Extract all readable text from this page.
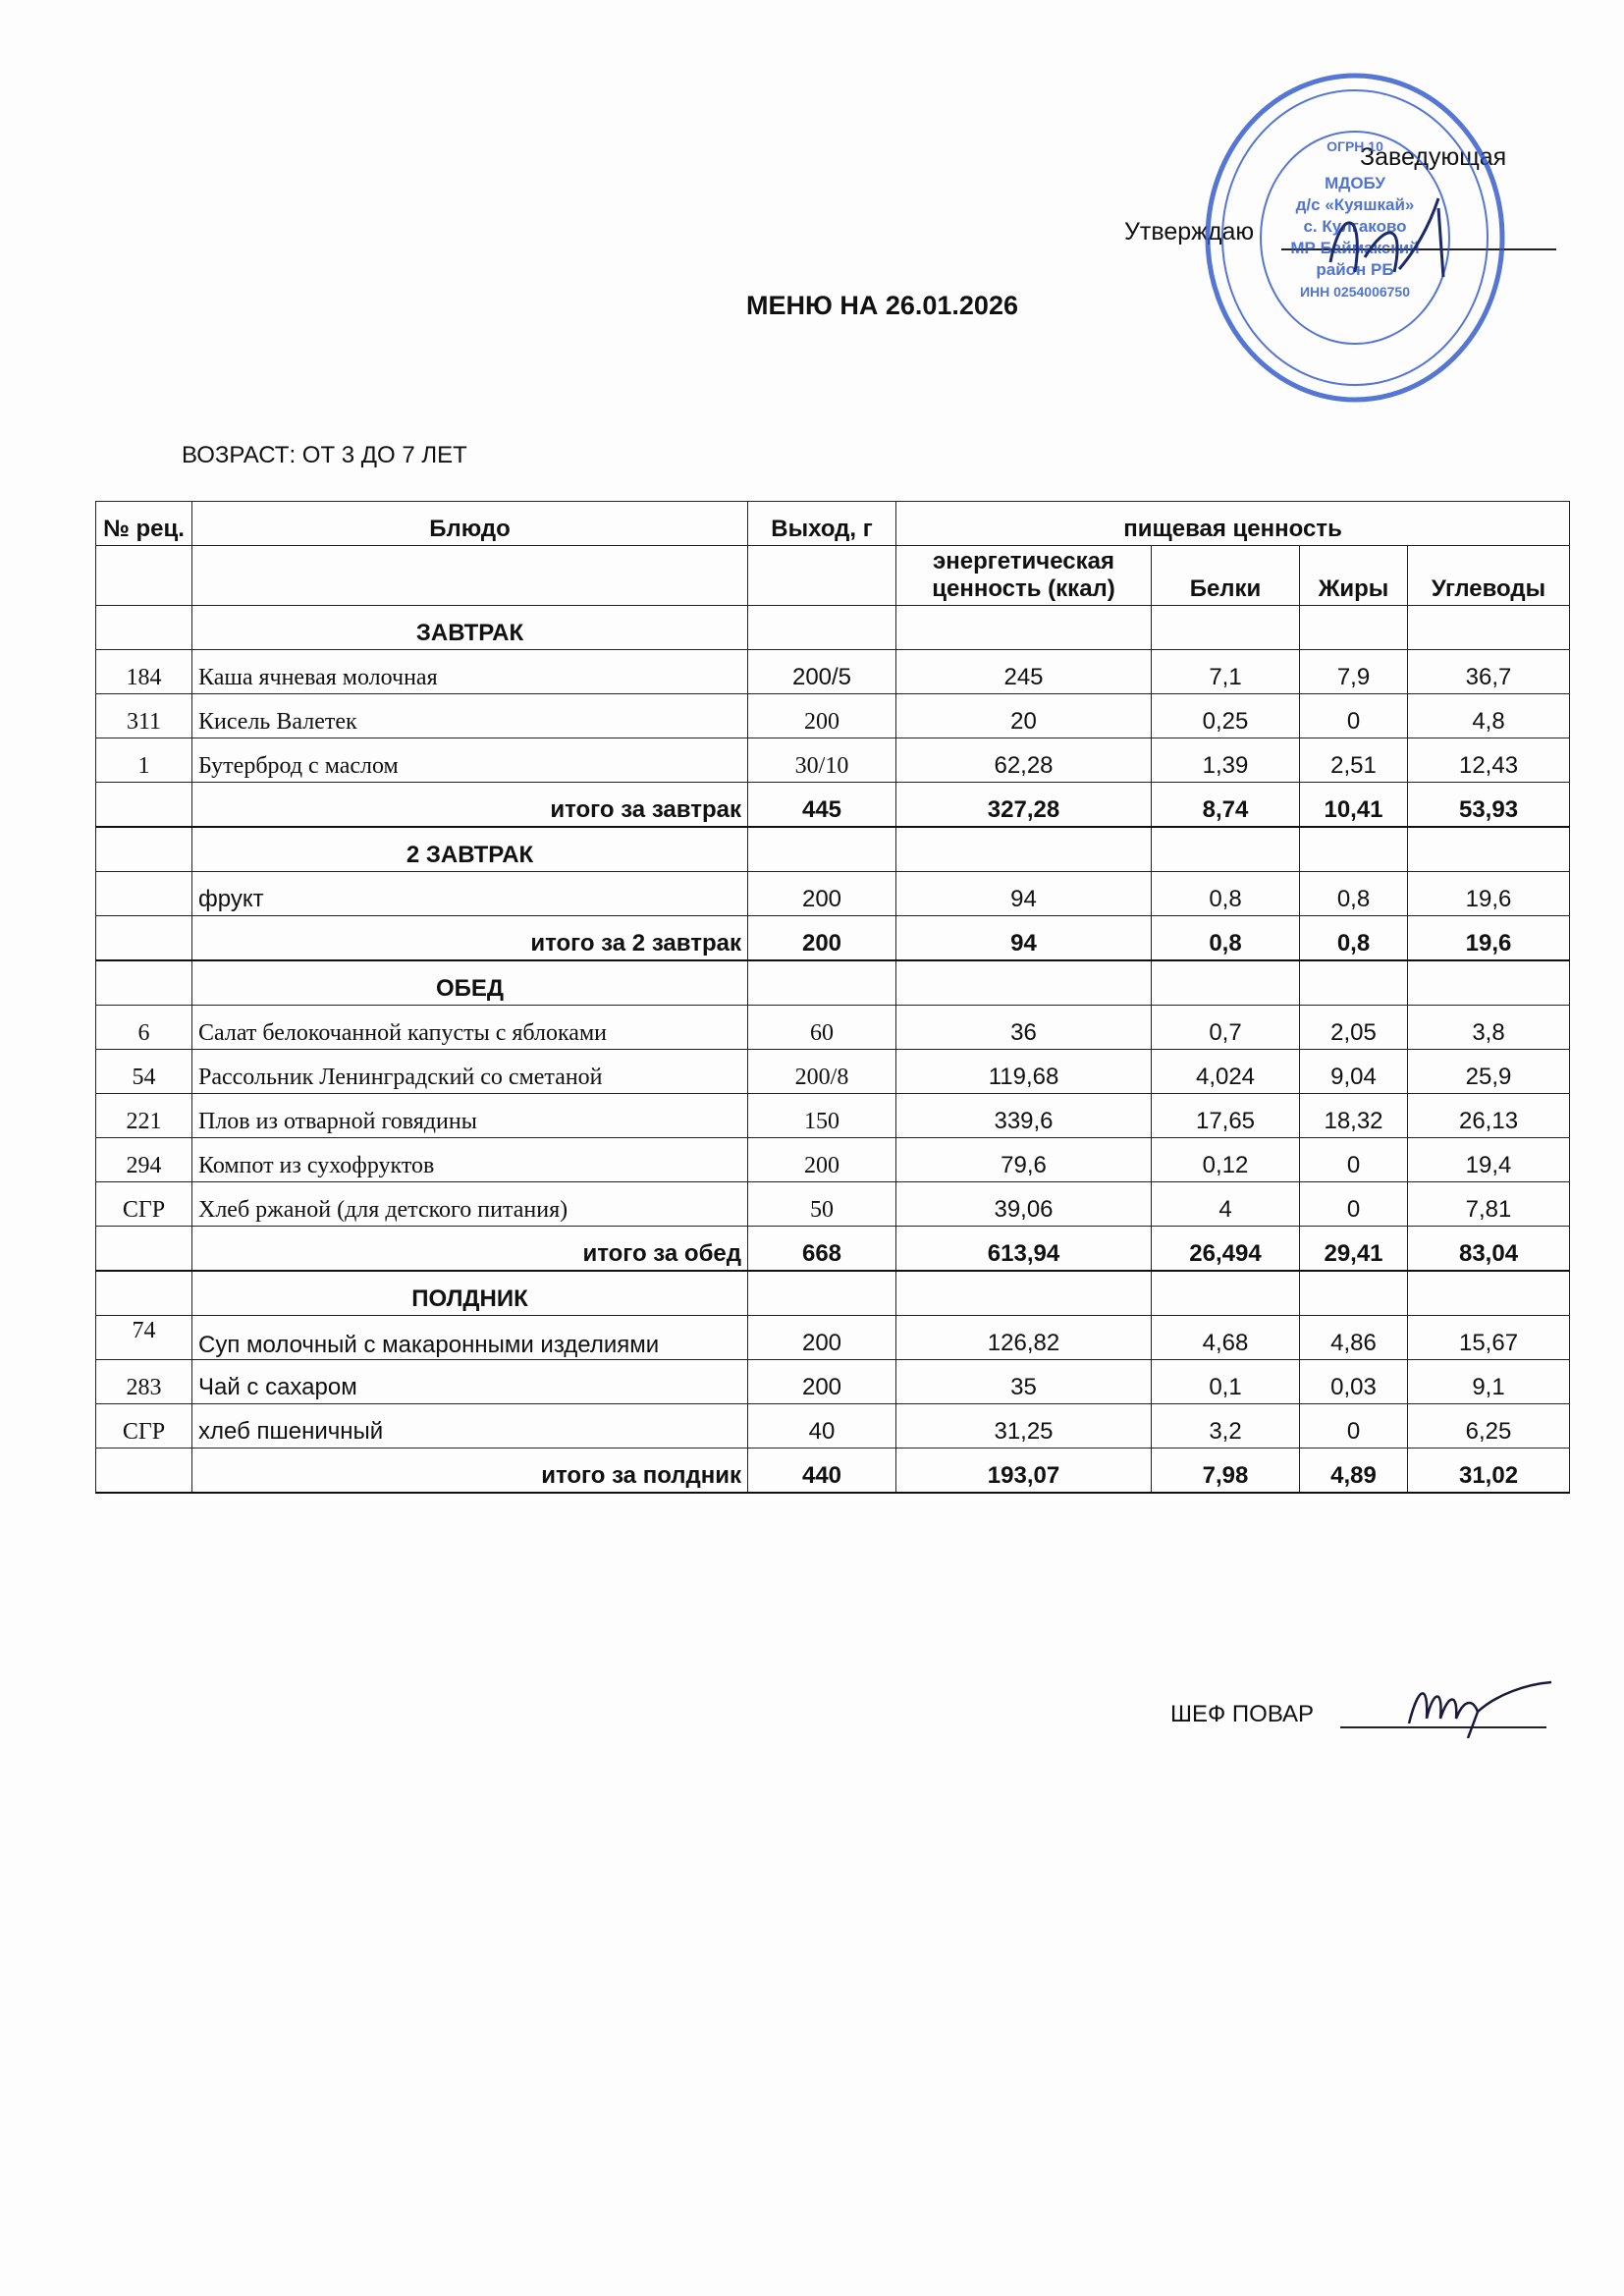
Заведующая
Утверждаю
МДОБУ
д/с «Куяшкай»
с. Кулгаково
МР Баймакский
район РБ
ИНН 0254006750
ОГРН 10
МЕНЮ НА 26.01.2026
ВОЗРАСТ: ОТ 3 ДО 7 ЛЕТ
№ рец.	Блюдо	Выход, г	пищевая ценность			
			энергетическая ценность (ккал)	Белки	Жиры	Углеводы
	ЗАВТРАК					
184	Каша ячневая молочная	200/5	245	7,1	7,9	36,7
311	Кисель Валетек	200	20	0,25	0	4,8
1	Бутерброд с маслом	30/10	62,28	1,39	2,51	12,43
	итого за завтрак	445	327,28	8,74	10,41	53,93
	2 ЗАВТРАК					
	фрукт	200	94	0,8	0,8	19,6
	итого за 2 завтрак	200	94	0,8	0,8	19,6
	ОБЕД					
6	Салат белокочанной капусты с яблоками	60	36	0,7	2,05	3,8
54	Рассольник Ленинградский со сметаной	200/8	119,68	4,024	9,04	25,9
221	Плов из отварной говядины	150	339,6	17,65	18,32	26,13
294	Компот из сухофруктов	200	79,6	0,12	0	19,4
СГР	Хлеб ржаной (для детского питания)	50	39,06	4	0	7,81
	итого за обед	668	613,94	26,494	29,41	83,04
	ПОЛДНИК					
74	Суп молочный с макаронными изделиями	200	126,82	4,68	4,86	15,67
283	Чай с сахаром	200	35	0,1	0,03	9,1
СГР	хлеб пшеничный	40	31,25	3,2	0	6,25
	итого за полдник	440	193,07	7,98	4,89	31,02
ШЕФ ПОВАР
